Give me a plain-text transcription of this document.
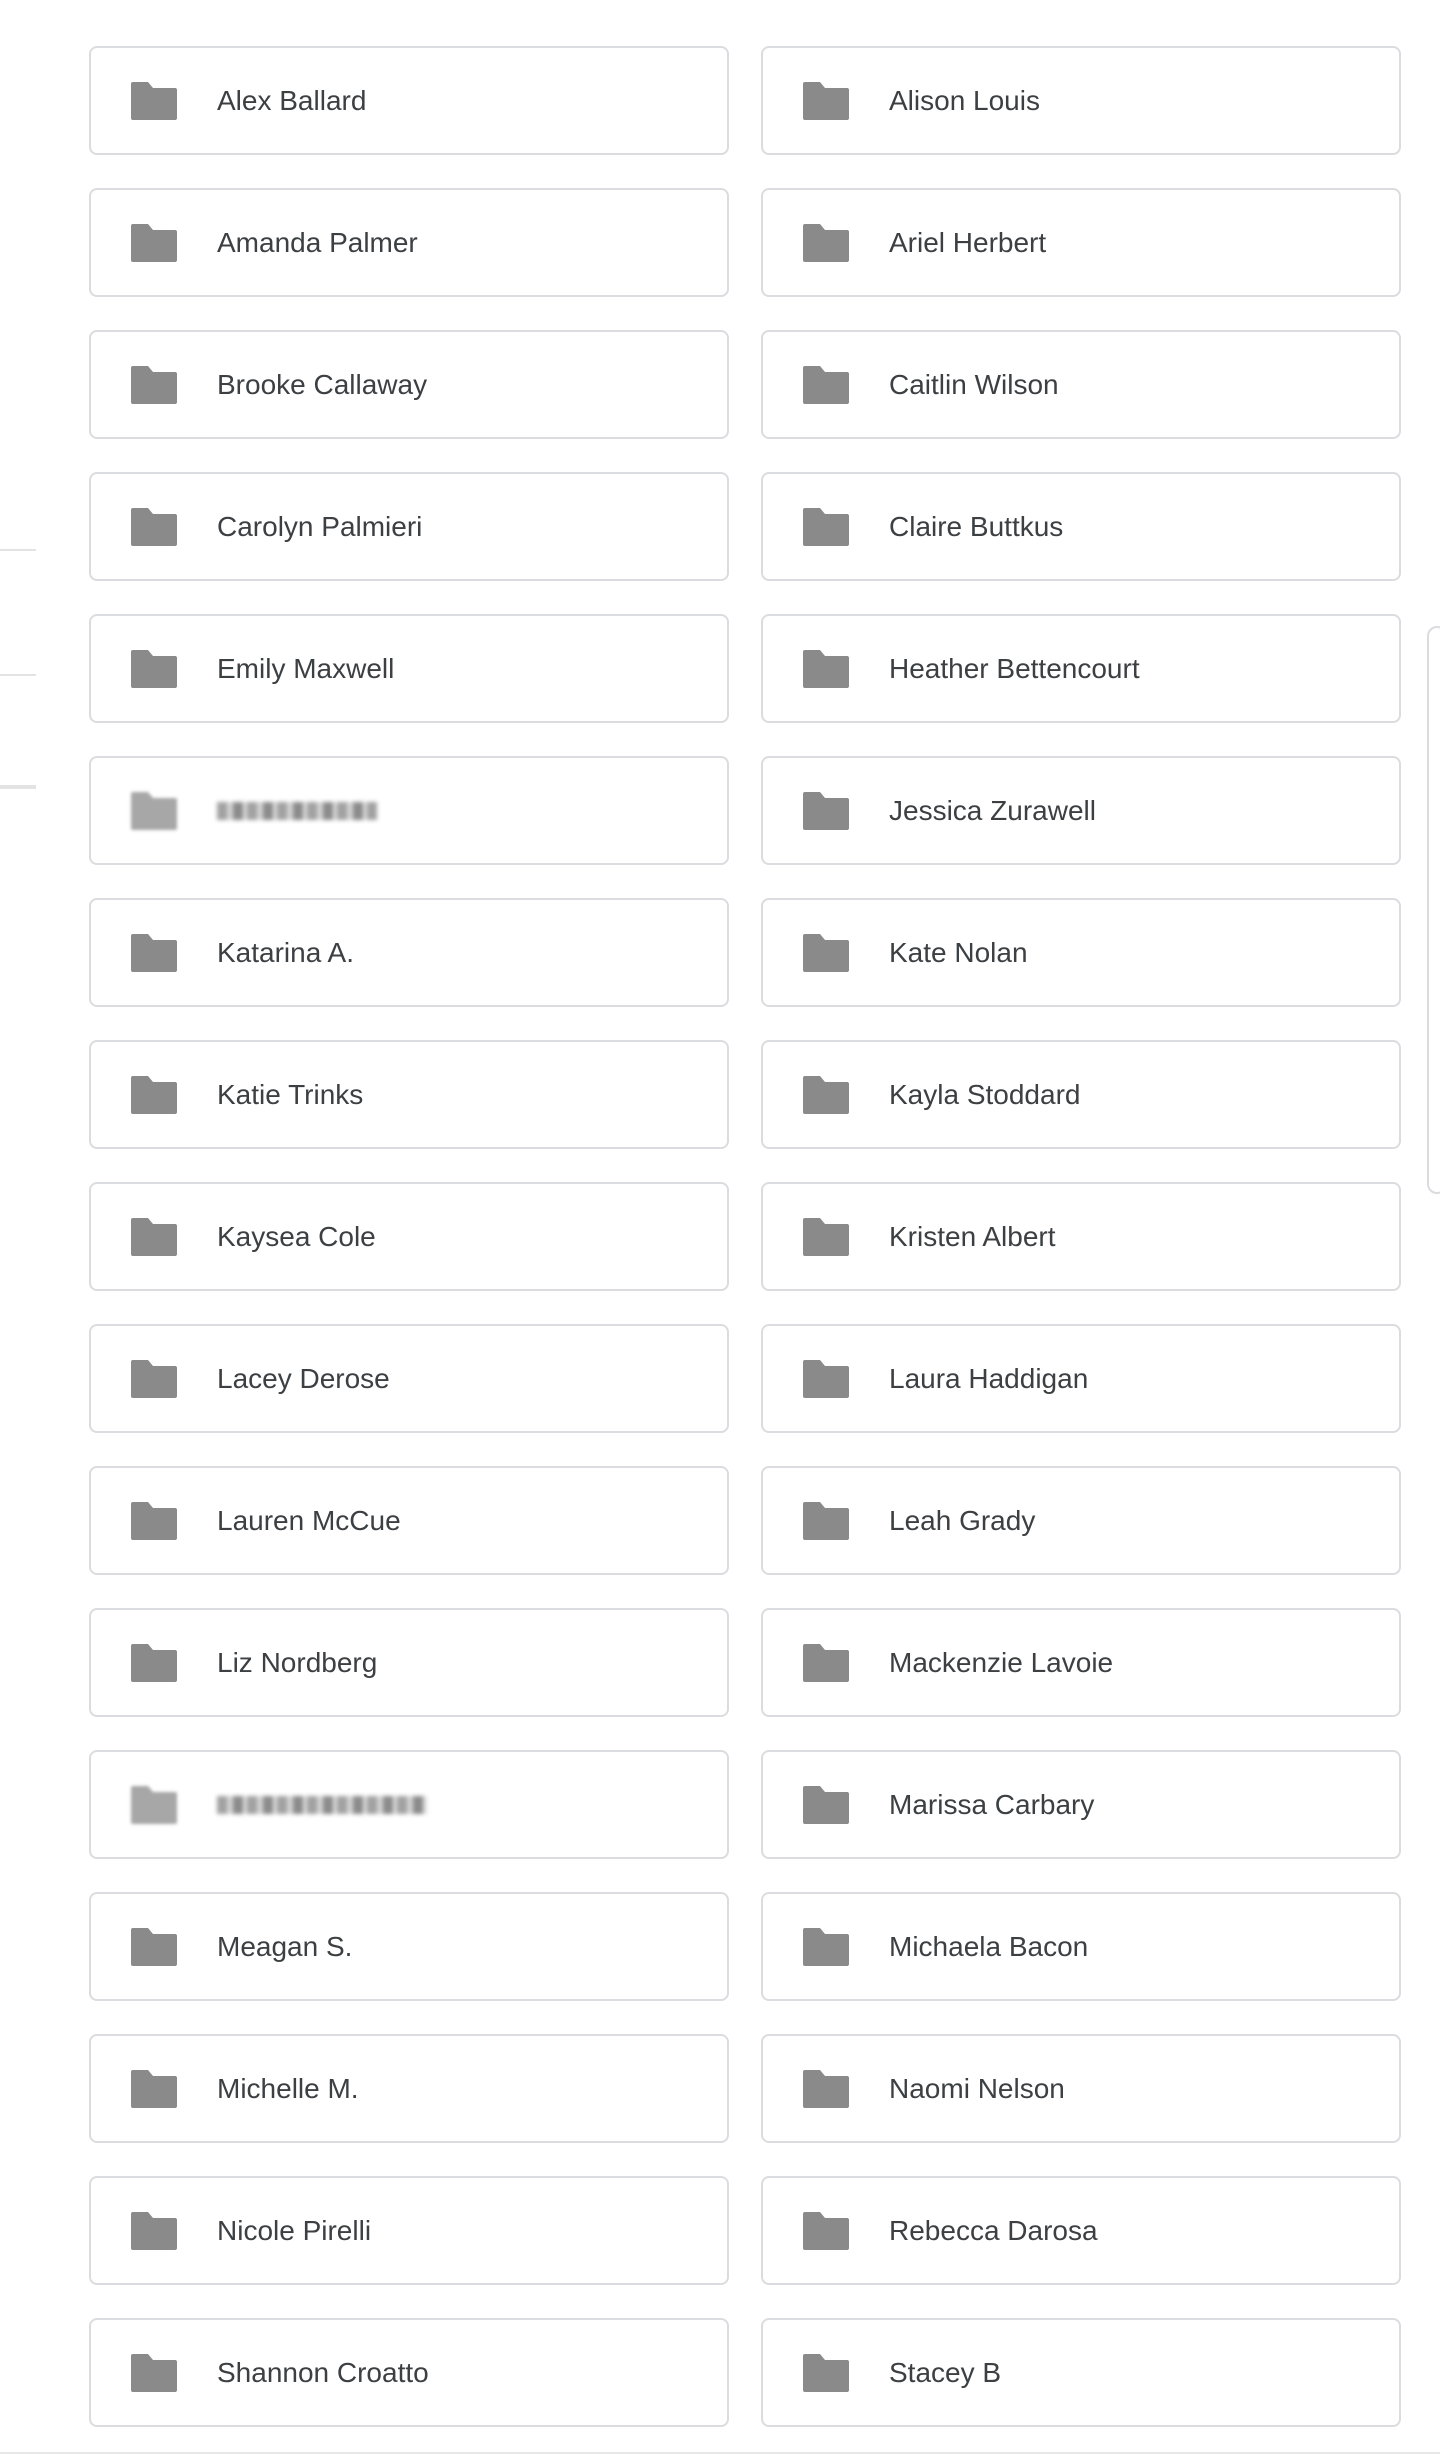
Alex Ballard	Alison Louis
Amanda Palmer	Ariel Herbert
Brooke Callaway	Caitlin Wilson
Carolyn Palmieri	Claire Buttkus
Emily Maxwell	Heather Bettencourt
Jessica Zurawell
Katarina A.	Kate Nolan
Katie Trinks	Kayla Stoddard
Kaysea Cole	Kristen Albert
Lacey Derose	Laura Haddigan
Lauren McCue	Leah Grady
Liz Nordberg	Mackenzie Lavoie
Marissa Carbary
Meagan S.	Michaela Bacon
Michelle M.	Naomi Nelson
Nicole Pirelli	Rebecca Darosa
Shannon Croatto	Stacey B
